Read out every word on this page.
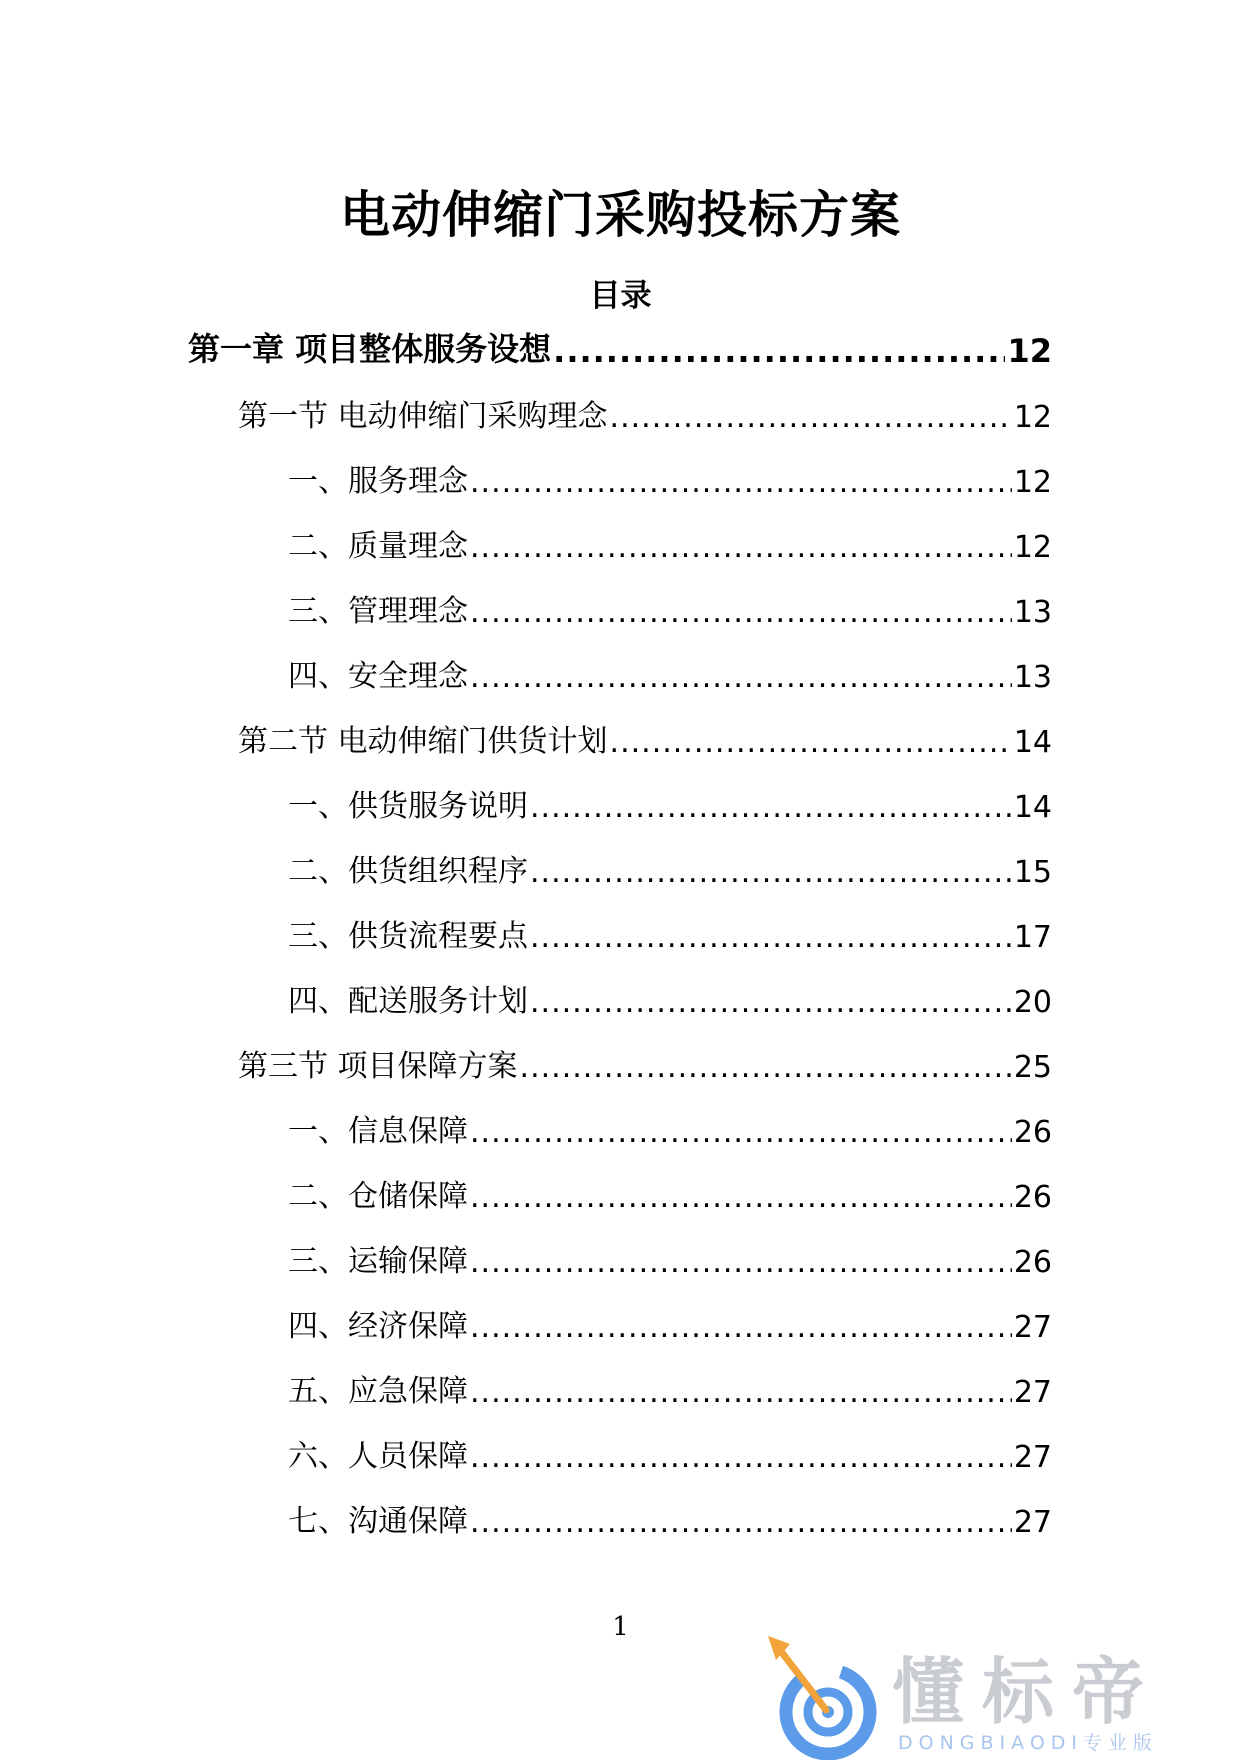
电动伸缩门采购投标方案
目录
第一章 项目整体服务设想 .....	12
第一节 电动伸缩门采购理念 .....	12
一、服务理念 .....	12
二、质量理念 .....	12
三、管理理念 .....	13
四、安全理念 .....	13
第二节 电动伸缩门供货计划 .....	14
一、供货服务说明 .....	14
二、供货组织程序 .....	15
三、供货流程要点 .....	17
四、配送服务计划 .....	20
第三节 项目保障方案 .....	25
一、信息保障 .....	26
二、仓储保障 .....	26
三、运输保障 .....	26
四、经济保障 .....	27
五、应急保障 .....	27
六、人员保障 .....	27
七、沟通保障 .....	27
1
懂标帝
DONGBIAODI专业版
